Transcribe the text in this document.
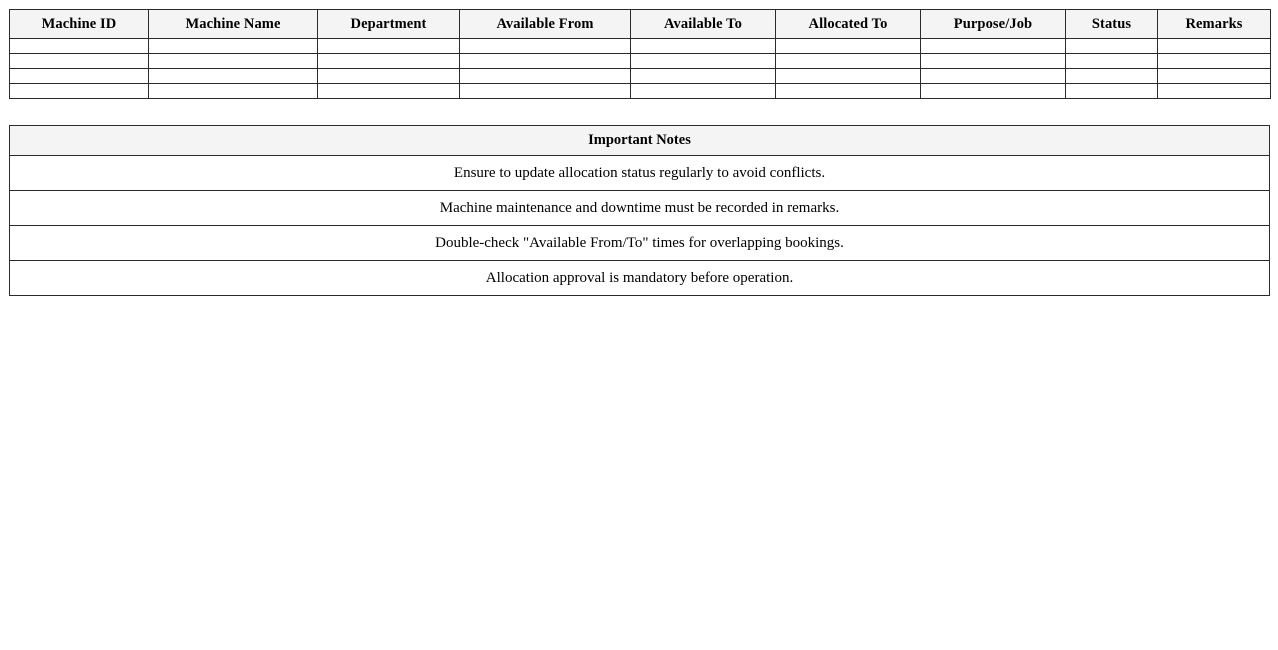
Machine ID	Machine Name	Department	Available From	Available To	Allocated To	Purpose/Job	Status	Remarks

Important Notes
Ensure to update allocation status regularly to avoid conflicts.
Machine maintenance and downtime must be recorded in remarks.
Double-check "Available From/To" times for overlapping bookings.
Allocation approval is mandatory before operation.
